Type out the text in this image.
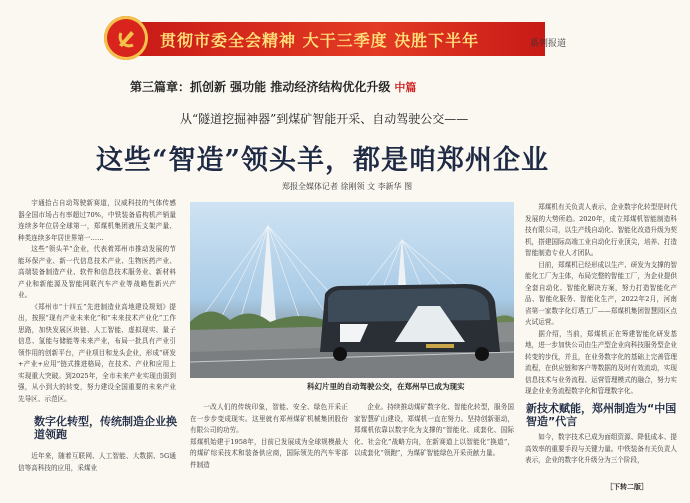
贯彻市委全会精神 大干三季度 决胜下半年	系列报道
第三篇章：抓创新 强功能 推动经济结构优化升级 中篇
从“隧道挖掘神器”到煤矿智能开采、自动驾驶公交——
这些“智造”领头羊，都是咱郑州企业
郑报全媒体记者 徐刚领 文 李新华 图

宇通拾占自动驾驶新赛道，汉威科技的气体传感器全国市场占有率超过70%，中铁装备盾构机产销量连续多年位居全球第一，郑煤机集团液压支架产量、种类连续多年居世界第一……

这些“领头羊”企业，代表着郑州市推动发展的节能环保产业、新一代信息技术产业、生物医药产业、高端装备制造产业、软件和信息技术服务业、新材料产业和新能源及智能网联汽车产业等战略性新兴产业。

《郑州市“十四五”先进制造业高地建设规划》提出，按照“现有产业未来化”和“未来技术产业化”工作思路，加快发展区块链、人工智能、虚拟现实、量子信息、氢能与储能等未来产业，布局一批具有产业引领作用的创新平台，产业项目和龙头企业，形成“研发+产业+应用”链式推进格局，在技术、产业和应用上实现重大突破。到2025年，全市未来产业实现由弱到强，从小到大的转变，努力建设全国重要的未来产业先导区、示范区。

数字化转型，传统制造企业换道领跑

近年来，随着互联网、人工智能、大数据、5G通信等高科技的应用，采煤业

科幻片里的自动驾驶公交，在郑州早已成为现实

一改人们的传统印象，智能、安全、绿色开采正在一步步变成现实。这里就有郑州煤矿机械集团股份有限公司的功劳。
郑煤机始建于1958年，目前已发展成为全球规模最大的煤矿综采技术和装备供应商，国际领先的汽车零部件制造

企业。持续推动煤矿数字化、智能化转型，服务国家智慧矿山建设，郑煤机一直在努力。坚持创新驱动，郑煤机依靠以数字化为支撑的“智能化、成套化、国际化、社会化”战略方向，在新赛道上以智能化“换道”，以成套化“领跑”，为煤矿智能绿色开采贡献力量。

郑煤机有关负责人表示，企业数字化转型是时代发展的大势所趋。2020年，成立郑煤机智能制造科技有限公司，以生产线自动化、智能化改造升级为契机，搭建国际高端工业自动化行业顶尖，培养、打造智能制造专业人才团队。

目前，郑煤机已经形成以生产、研发为支撑的智能化工厂为主体，布局完整的智能工厂，为企业提供全套自动化、智能化解决方案，努力打造智能化产品、智能化服务、智能化生产，2022年2月，河南省第一家数字化灯塔工厂——郑煤机集团智慧园区点火试运营。

据介绍，当前，郑煤机正在筹建智能化研发基地，进一步加快公司由生产型企业向科技服务型企业转变的步伐，并且，在业务数字化的基础上完善管理流程，在供应链和客户等数据的及时有效流动，实现信息技术与业务流程、运营管理模式的融合，努力实现企业业务流程数字化和管理数字化。

新技术赋能，郑州制造为“中国智造”代言

如今，数字技术已成为面组资源、降低成本、提高效率的重要手段与关键力量。中铁装备有关负责人表示，企业的数字化升级分为三个阶段，

［下转二版］
